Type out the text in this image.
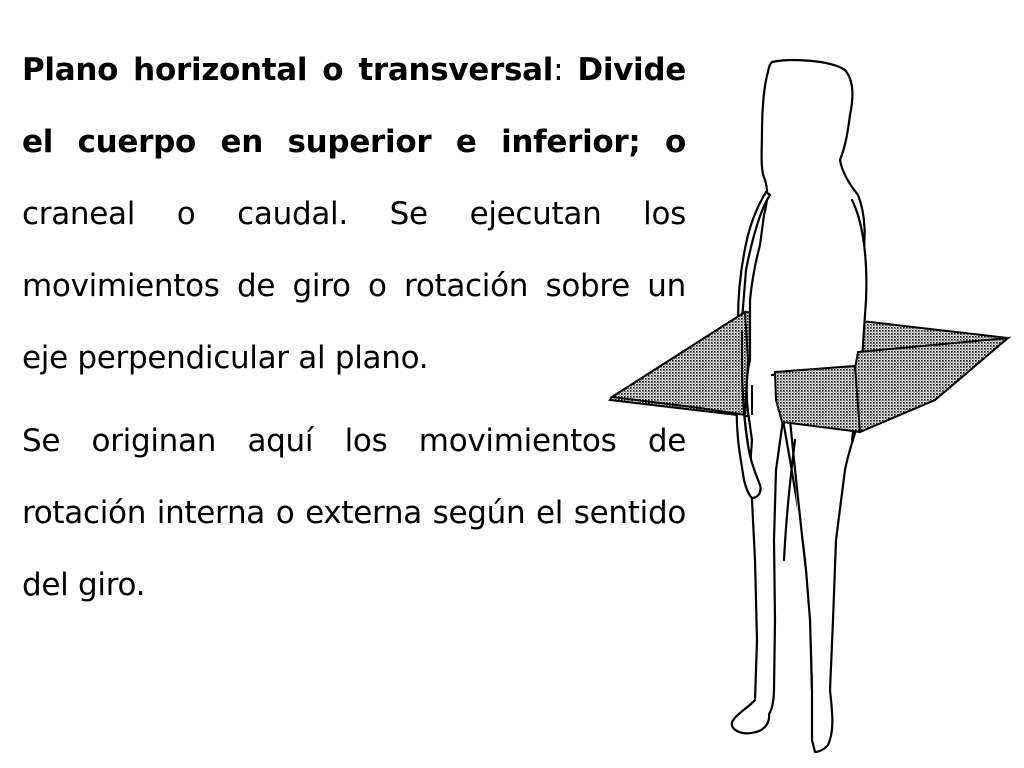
Plano horizontal o transversal: Divide el cuerpo en superior e inferior; o craneal o caudal. Se ejecutan los movimientos de giro o rotación sobre un eje perpendicular al plano.

Se originan aquí los movimientos de rotación interna o externa según el sentido del giro.
